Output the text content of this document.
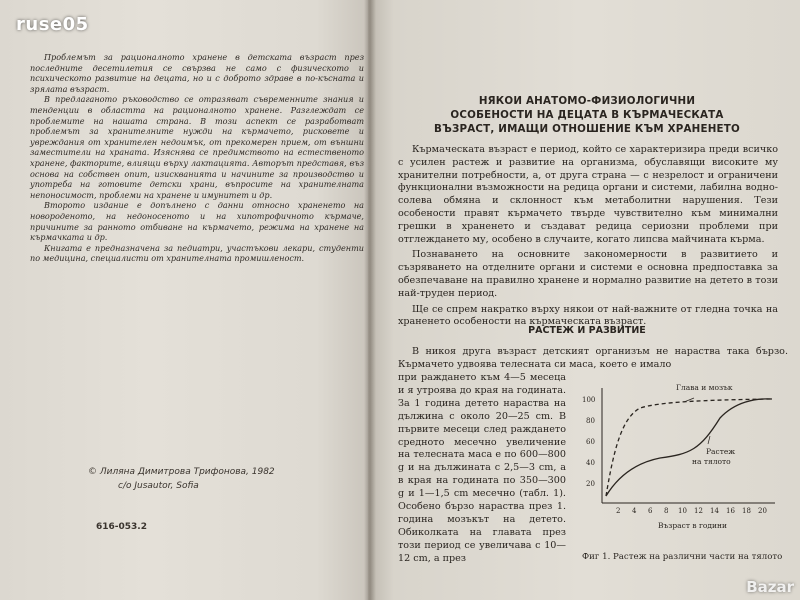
ruse05

Проблемът за рационалното хранене в детската възраст през последните десетилетия се свързва не само с физическото и психическото развитие на децата, но и с доброто здраве в по-късната и зрялата възраст.

В предлаганото ръководство се отразяват съвременните знания и тенденции в областта на рационалното хранене. Разглеждат се проблемите на нашата страна. В този аспект се разработват проблемът за хранителните нужди на кърмачето, рисковете и увреждания от хранителен недоимък, от прекомерен прием, от външни заместители на храната. Изяснява се предимството на естественото хранене, факторите, влиящи върху лактацията. Авторът представя, въз основа на собствен опит, изискванията и начините за производство и употреба на готовите детски храни, въпросите на хранителната непоносимост, проблеми на хранене и имунитет и др.

Второто издание е допълнено с данни относно храненето на новороденото, на недоносеното и на хипотрофичното кърмаче, причините за ранното отбиване на кърмачето, режима на хранене на кърмачката и др.

Книгата е предназначена за педиатри, участъкови лекари, студенти по медицина, специалисти от хранителната промишленост.

© Лиляна Димитрова Трифонова, 1982
c/o Jusautor, Sofia
616-053.2
НЯКОИ АНАТОМО-ФИЗИОЛОГИЧНИ
ОСОБЕНОСТИ НА ДЕЦАТА В КЪРМАЧЕСКАТА
ВЪЗРАСТ, ИМАЩИ ОТНОШЕНИЕ КЪМ ХРАНЕНЕТО

Кърмаческата възраст е период, който се характеризира преди всичко с усилен растеж и развитие на организма, обуславящи високите му хранителни потребности, а, от друга страна — с незрелост и ограничени функционални възможности на редица органи и системи, лабилна водно-солева обмяна и склонност към метаболитни нарушения. Тези особености правят кърмачето твърде чувствително към минимални грешки в храненето и създават редица сериозни проблеми при отглеждането му, особено в случаите, когато липсва майчината кърма.

Познаването на основните закономерности в развитието и съзряването на отделните органи и системи е основна предпоставка за обезпечаване на правилно хранене и нормално развитие на детето в този най-труден период.

Ще се спрем накратко върху някои от най-важните от гледна точка на храненето особености на кърмаческата възраст.

РАСТЕЖ И РАЗВИТИЕ

В никоя друга възраст детският организъм не нараства така бързо. Кърмачето удвоява телесната си маса, което е имало

при раждането към 4—5 месеца и я утроява до края на годината. За 1 година детето нараства на дължина с около 20—25 cm. В първите месеци след раждането средното месечно увеличение на телесната маса е по 600—800 g и на дължината с 2,5—3 cm, а в края на годината по 350—300 g и 1—1,5 cm месечно (табл. 1). Особено бързо нараства през 1. година мозъкът на детето. Обиколката на главата през този период се увеличава с 10—12 cm, а през

100
80
60
40
20
2 4 6 8 10 12 14 16 18 20
Глава и мозък
Растеж
на тялото
Възраст в години
Фиг 1. Растеж на различни части на тялото
Bazar
